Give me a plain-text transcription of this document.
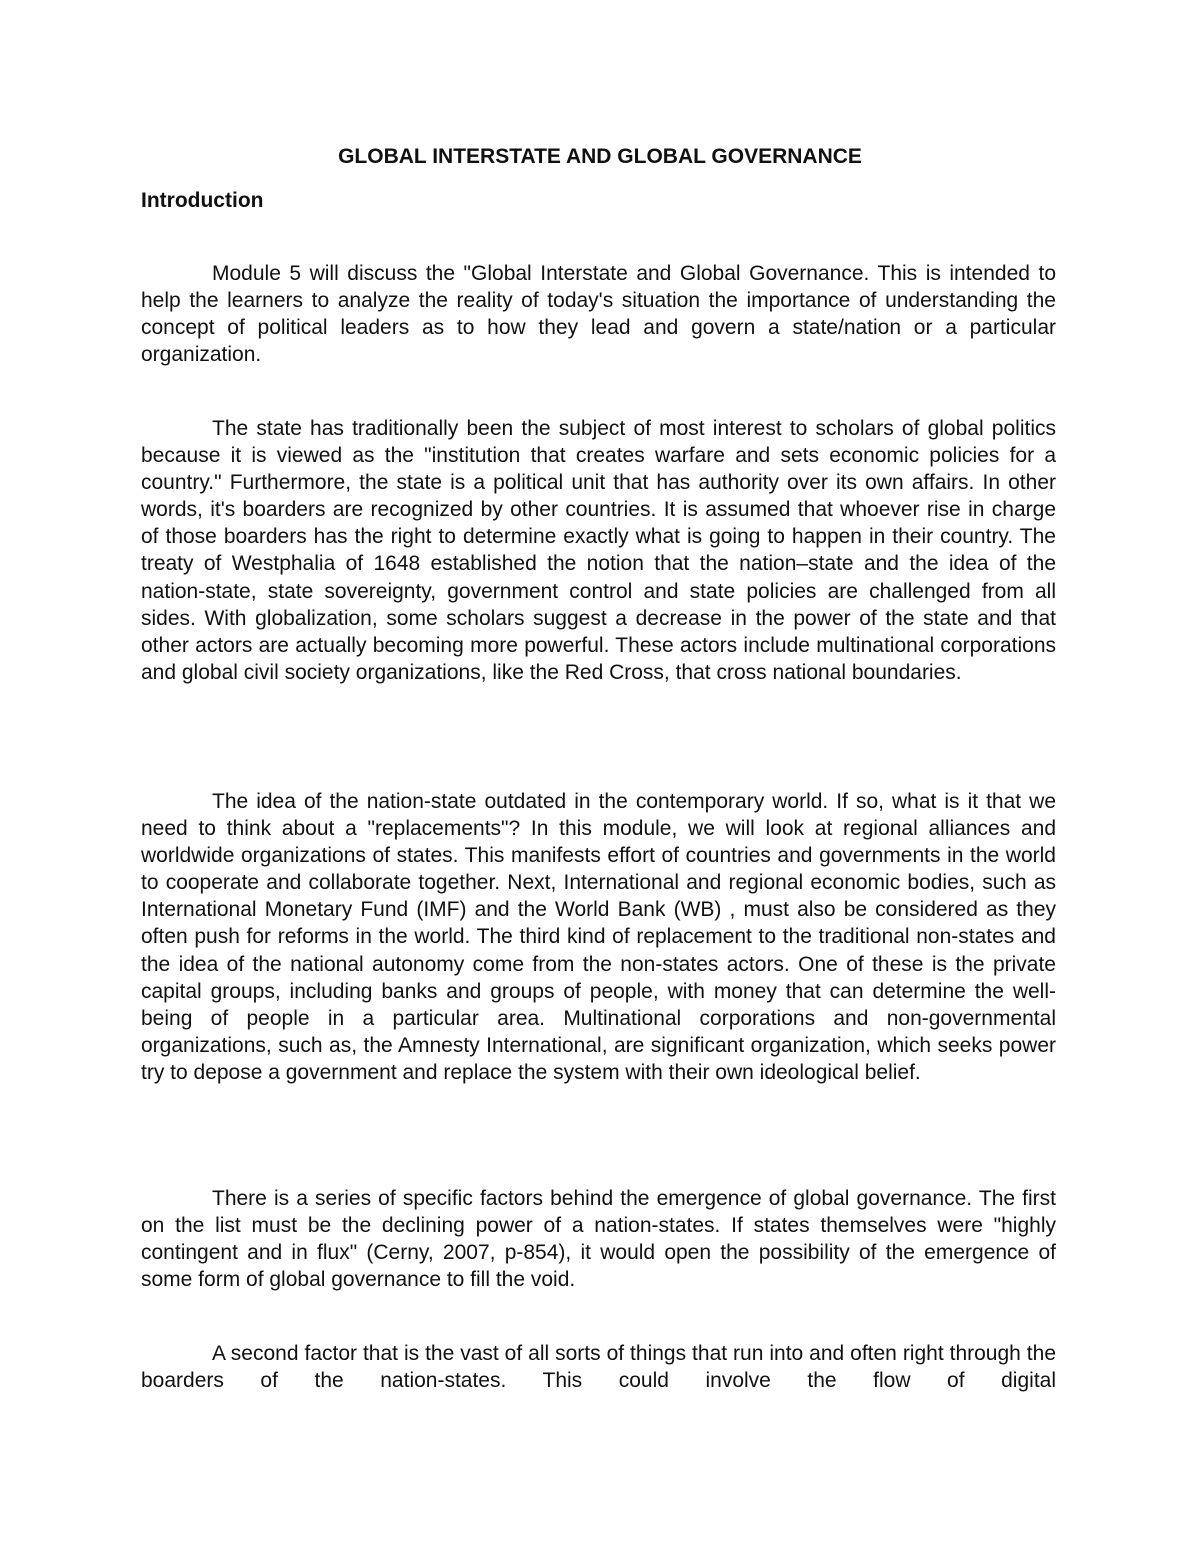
GLOBAL INTERSTATE AND GLOBAL GOVERNANCE
Introduction

Module 5 will discuss the "Global Interstate and Global Governance. This is intended to help the learners to analyze the reality of today's situation the importance of understanding the concept of political leaders as to how they lead and govern a state/nation or a particular organization.

The state has traditionally been the subject of most interest to scholars of global politics because it is viewed as the "institution that creates warfare and sets economic policies for a country." Furthermore, the state is a political unit that has authority over its own affairs. In other words, it's boarders are recognized by other countries. It is assumed that whoever rise in charge of those boarders has the right to determine exactly what is going to happen in their country. The treaty of Westphalia of 1648 established the notion that the nation–state and the idea of the nation-state, state sovereignty, government control and state policies are challenged from all sides. With globalization, some scholars suggest a decrease in the power of the state and that other actors are actually becoming more powerful. These actors include multinational corporations and global civil society organizations, like the Red Cross, that cross national boundaries.

The idea of the nation-state outdated in the contemporary world. If so, what is it that we need to think about a "replacements"? In this module, we will look at regional alliances and worldwide organizations of states. This manifests effort of countries and governments in the world to cooperate and collaborate together. Next, International and regional economic bodies, such as International Monetary Fund (IMF) and the World Bank (WB) , must also be considered as they often push for reforms in the world. The third kind of replacement to the traditional non-states and the idea of the national autonomy come from the non-states actors. One of these is the private capital groups, including banks and groups of people, with money that can determine the well-being of people in a particular area. Multinational corporations and non-governmental organizations, such as, the Amnesty International, are significant organization, which seeks power try to depose a government and replace the system with their own ideological belief.

There is a series of specific factors behind the emergence of global governance. The first on the list must be the declining power of a nation-states. If states themselves were "highly contingent and in flux" (Cerny, 2007, p-854), it would open the possibility of the emergence of some form of global governance to fill the void.

A second factor that is the vast of all sorts of things that run into and often right through the boarders of the nation-states. This could involve the flow of digital
